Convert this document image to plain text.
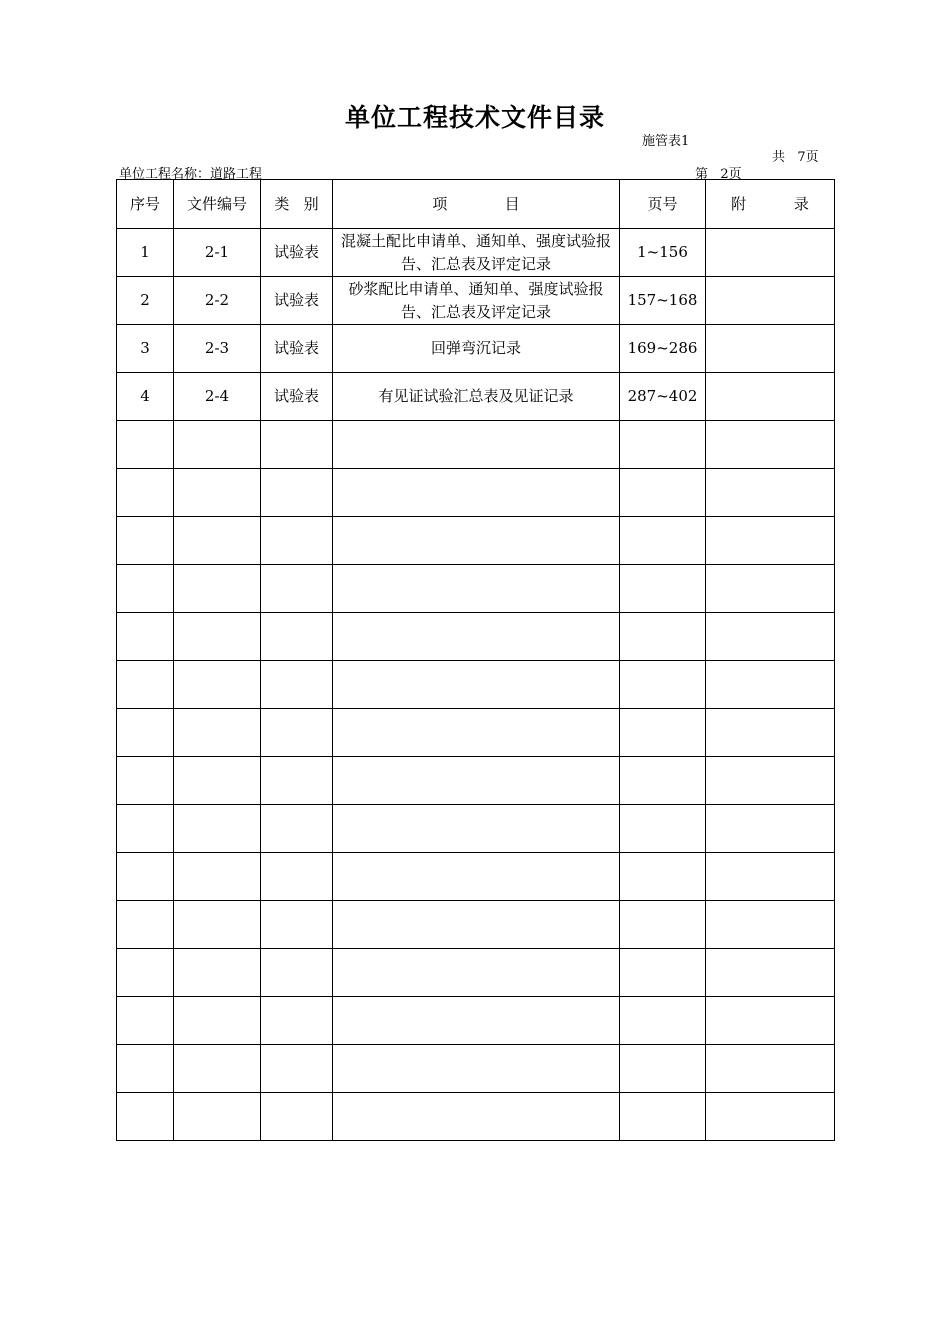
单位工程技术文件目录
施管表1
共   7页
单位工程名称：道路工程	第   2页
序号	文件编号	类   别	项            目	页号	附          录
1	2-1	试验表	混凝土配比申请单、通知单、强度试验报告、汇总表及评定记录	1~156	
2	2-2	试验表	砂浆配比申请单、通知单、强度试验报告、汇总表及评定记录	157~168	
3	2-3	试验表	回弹弯沉记录	169~286	
4	2-4	试验表	有见证试验汇总表及见证记录	287~402	
